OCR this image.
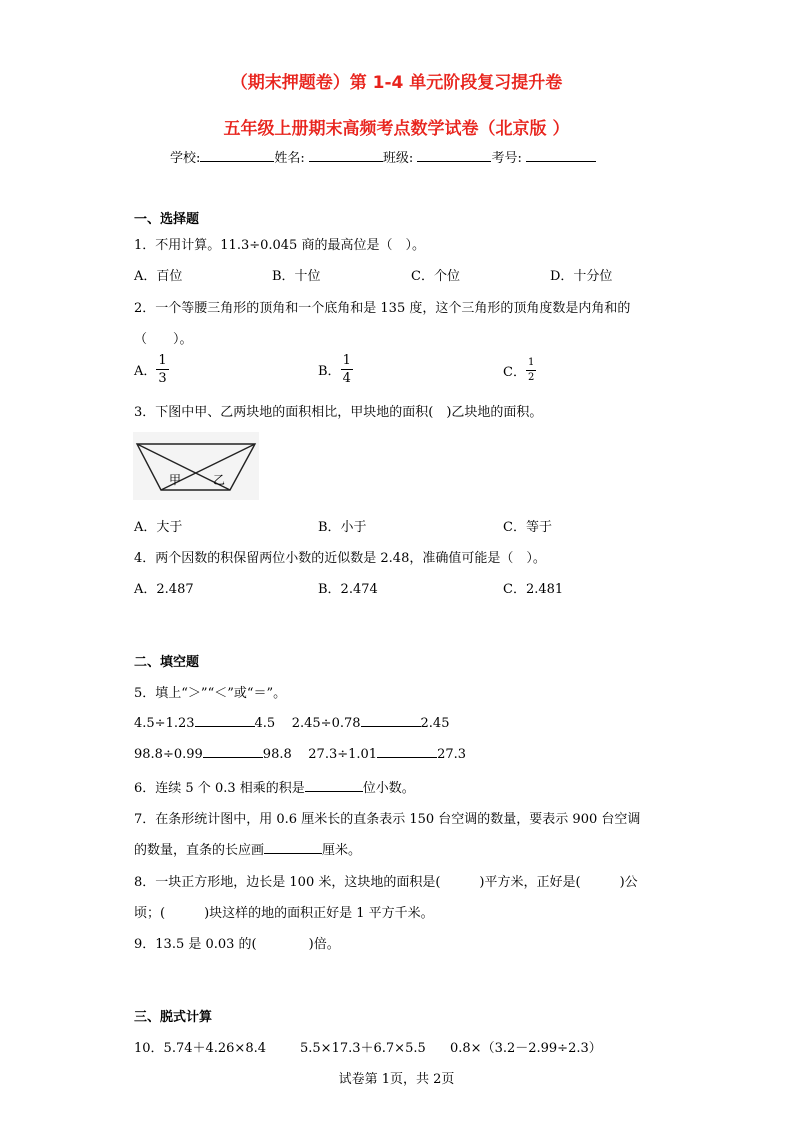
（期末押题卷）第 1-4 单元阶段复习提升卷
五年级上册期末高频考点数学试卷（北京版 ）
学校:	姓名:	班级:	考号:
一、选择题
1．不用计算。11.3÷0.045 商的最高位是（　）。
A．百位	B．十位	C．个位	D．十分位
2．一个等腰三角形的顶角和一个底角和是 135 度，这个三角形的顶角度数是内角和的
（　　）。
A． $\frac{1}{3}$	B． $\frac{1}{4}$	C． $\frac{1}{2}$
3．下图中甲、乙两块地的面积相比，甲块地的面积(　)乙块地的面积。
甲	乙
A．大于	B．小于	C．等于
4．两个因数的积保留两位小数的近似数是 2.48，准确值可能是（　）。
A．2.487	B．2.474	C．2.481
二、填空题
5．填上“＞”“＜”或“＝”。
4.5÷1.23	4.5 2.45÷0.78	2.45
98.8÷0.99	98.8 27.3÷1.01	27.3
6．连续 5 个 0.3 相乘的积是	位小数。
7．在条形统计图中，用 0.6 厘米长的直条表示 150 台空调的数量，要表示 900 台空调
的数量，直条的长应画	厘米。
8．一块正方形地，边长是 100 米，这块地的面积是(　　　)平方米，正好是(　　　)公
顷；(　　　)块这样的地的面积正好是 1 平方千米。
9．13.5 是 0.03 的(　　　　)倍。
三、脱式计算
10．5.74＋4.26×8.4	5.5×17.3＋6.7×5.5 0.8×（3.2－2.99÷2.3）
试卷第 1页，共 2页
